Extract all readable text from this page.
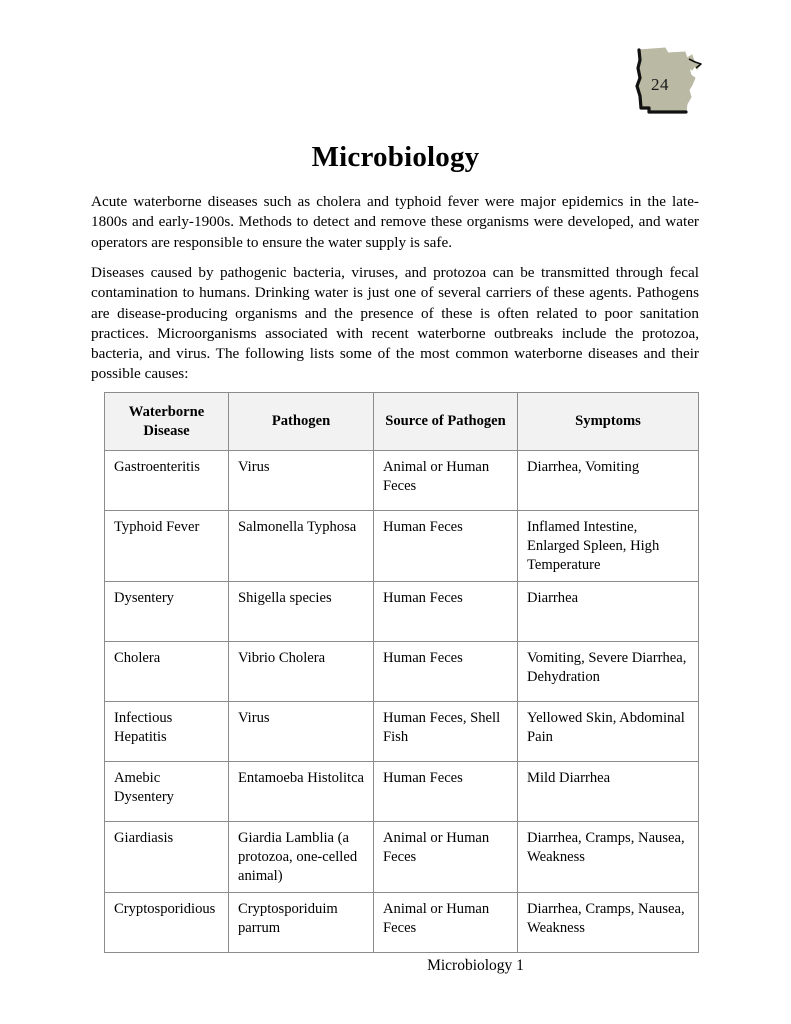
24
Microbiology

Acute waterborne diseases such as cholera and typhoid fever were major epidemics in the late-1800s and early-1900s. Methods to detect and remove these organisms were developed, and water operators are responsible to ensure the water supply is safe.

Diseases caused by pathogenic bacteria, viruses, and protozoa can be transmitted through fecal contamination to humans. Drinking water is just one of several carriers of these agents. Pathogens are disease-producing organisms and the presence of these is often related to poor sanitation practices. Microorganisms associated with recent waterborne outbreaks include the protozoa, bacteria, and virus. The following lists some of the most common waterborne diseases and their possible causes:

Waterborne Disease	Pathogen	Source of Pathogen	Symptoms
Gastroenteritis	Virus	Animal or Human Feces	Diarrhea, Vomiting
Typhoid Fever	Salmonella Typhosa	Human Feces	Inflamed Intestine, Enlarged Spleen, High Temperature
Dysentery	Shigella species	Human Feces	Diarrhea
Cholera	Vibrio Cholera	Human Feces	Vomiting, Severe Diarrhea, Dehydration
Infectious Hepatitis	Virus	Human Feces, Shell Fish	Yellowed Skin, Abdominal Pain
Amebic Dysentery	Entamoeba Histolitca	Human Feces	Mild Diarrhea
Giardiasis	Giardia Lamblia (a protozoa, one-celled animal)	Animal or Human Feces	Diarrhea, Cramps, Nausea, Weakness
Cryptosporidious	Cryptosporiduim parrum	Animal or Human Feces	Diarrhea, Cramps, Nausea, Weakness
Microbiology 1
